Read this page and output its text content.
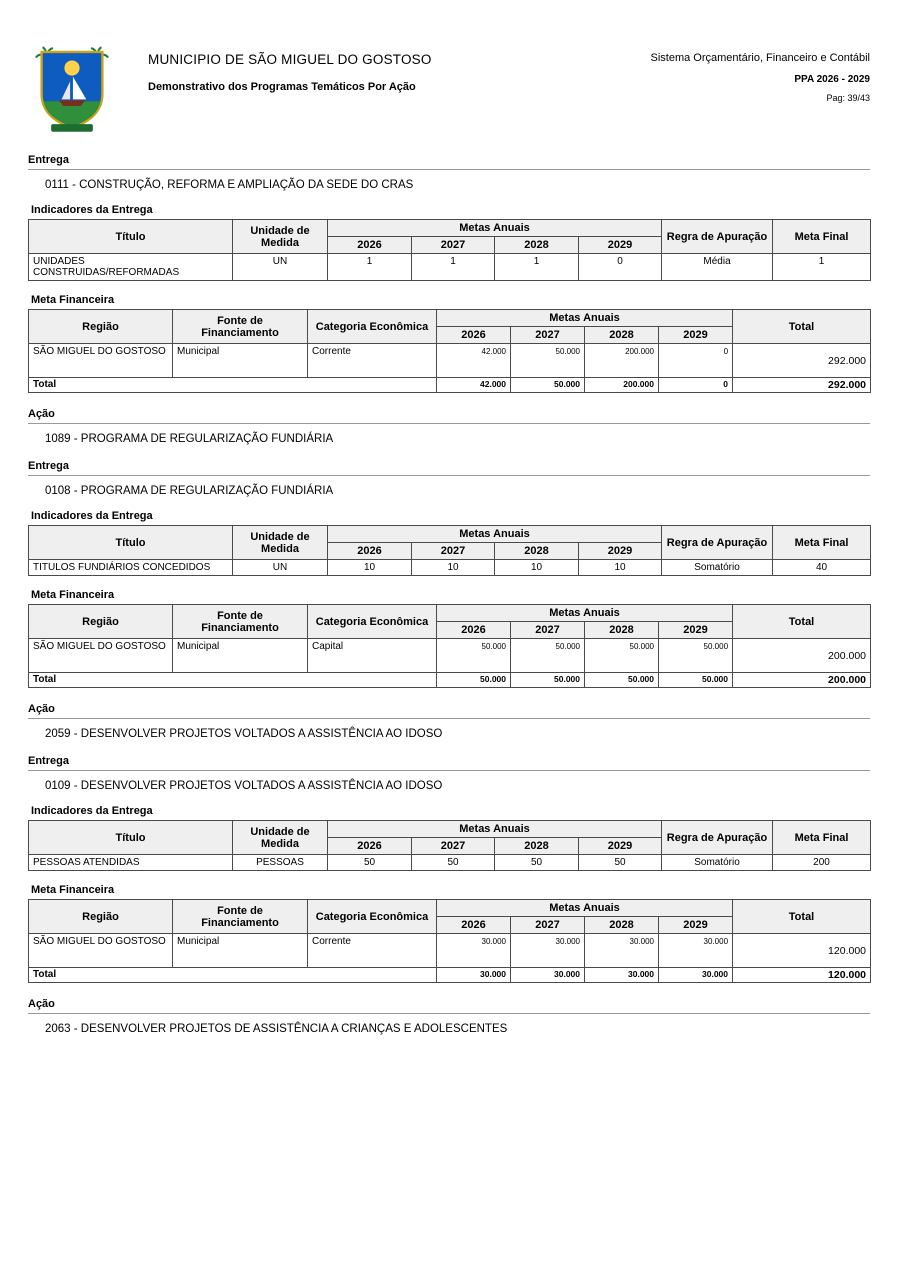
MUNICIPIO DE SÃO MIGUEL DO GOSTOSO
Demonstrativo dos Programas Temáticos Por Ação
Sistema Orçamentário, Financeiro e Contábil
PPA 2026 - 2029
Pag: 39/43
Entrega
0111 - CONSTRUÇÃO, REFORMA E AMPLIAÇÃO DA SEDE DO CRAS
Indicadores da Entrega
Título	Unidade de Medida	Metas Anuais				Regra de Apuração	Meta Final
		2026	2027	2028	2029		
UNIDADES CONSTRUIDAS/REFORMADAS	UN	1	1	1	0	Média	1
Meta Financeira
Região	Fonte de Financiamento	Categoria Econômica	Metas Anuais				Total
			2026	2027	2028	2029	
SÃO MIGUEL DO GOSTOSO	Municipal	Corrente	42.000	50.000	200.000	0	292.000
Total			42.000	50.000	200.000	0	292.000
Ação
1089 - PROGRAMA DE REGULARIZAÇÃO FUNDIÁRIA
Entrega
0108 - PROGRAMA DE REGULARIZAÇÃO FUNDIÁRIA
Indicadores da Entrega
Título	Unidade de Medida	Metas Anuais				Regra de Apuração	Meta Final
		2026	2027	2028	2029		
TITULOS FUNDIÁRIOS CONCEDIDOS	UN	10	10	10	10	Somatório	40
Meta Financeira
Região	Fonte de Financiamento	Categoria Econômica	Metas Anuais				Total
			2026	2027	2028	2029	
SÃO MIGUEL DO GOSTOSO	Municipal	Capital	50.000	50.000	50.000	50.000	200.000
Total			50.000	50.000	50.000	50.000	200.000
Ação
2059 - DESENVOLVER PROJETOS VOLTADOS A ASSISTÊNCIA AO IDOSO
Entrega
0109 - DESENVOLVER PROJETOS VOLTADOS A ASSISTÊNCIA AO IDOSO
Indicadores da Entrega
Título	Unidade de Medida	Metas Anuais				Regra de Apuração	Meta Final
		2026	2027	2028	2029		
PESSOAS ATENDIDAS	PESSOAS	50	50	50	50	Somatório	200
Meta Financeira
Região	Fonte de Financiamento	Categoria Econômica	Metas Anuais				Total
			2026	2027	2028	2029	
SÃO MIGUEL DO GOSTOSO	Municipal	Corrente	30.000	30.000	30.000	30.000	120.000
Total			30.000	30.000	30.000	30.000	120.000
Ação
2063 - DESENVOLVER PROJETOS DE ASSISTÊNCIA A CRIANÇAS E ADOLESCENTES
